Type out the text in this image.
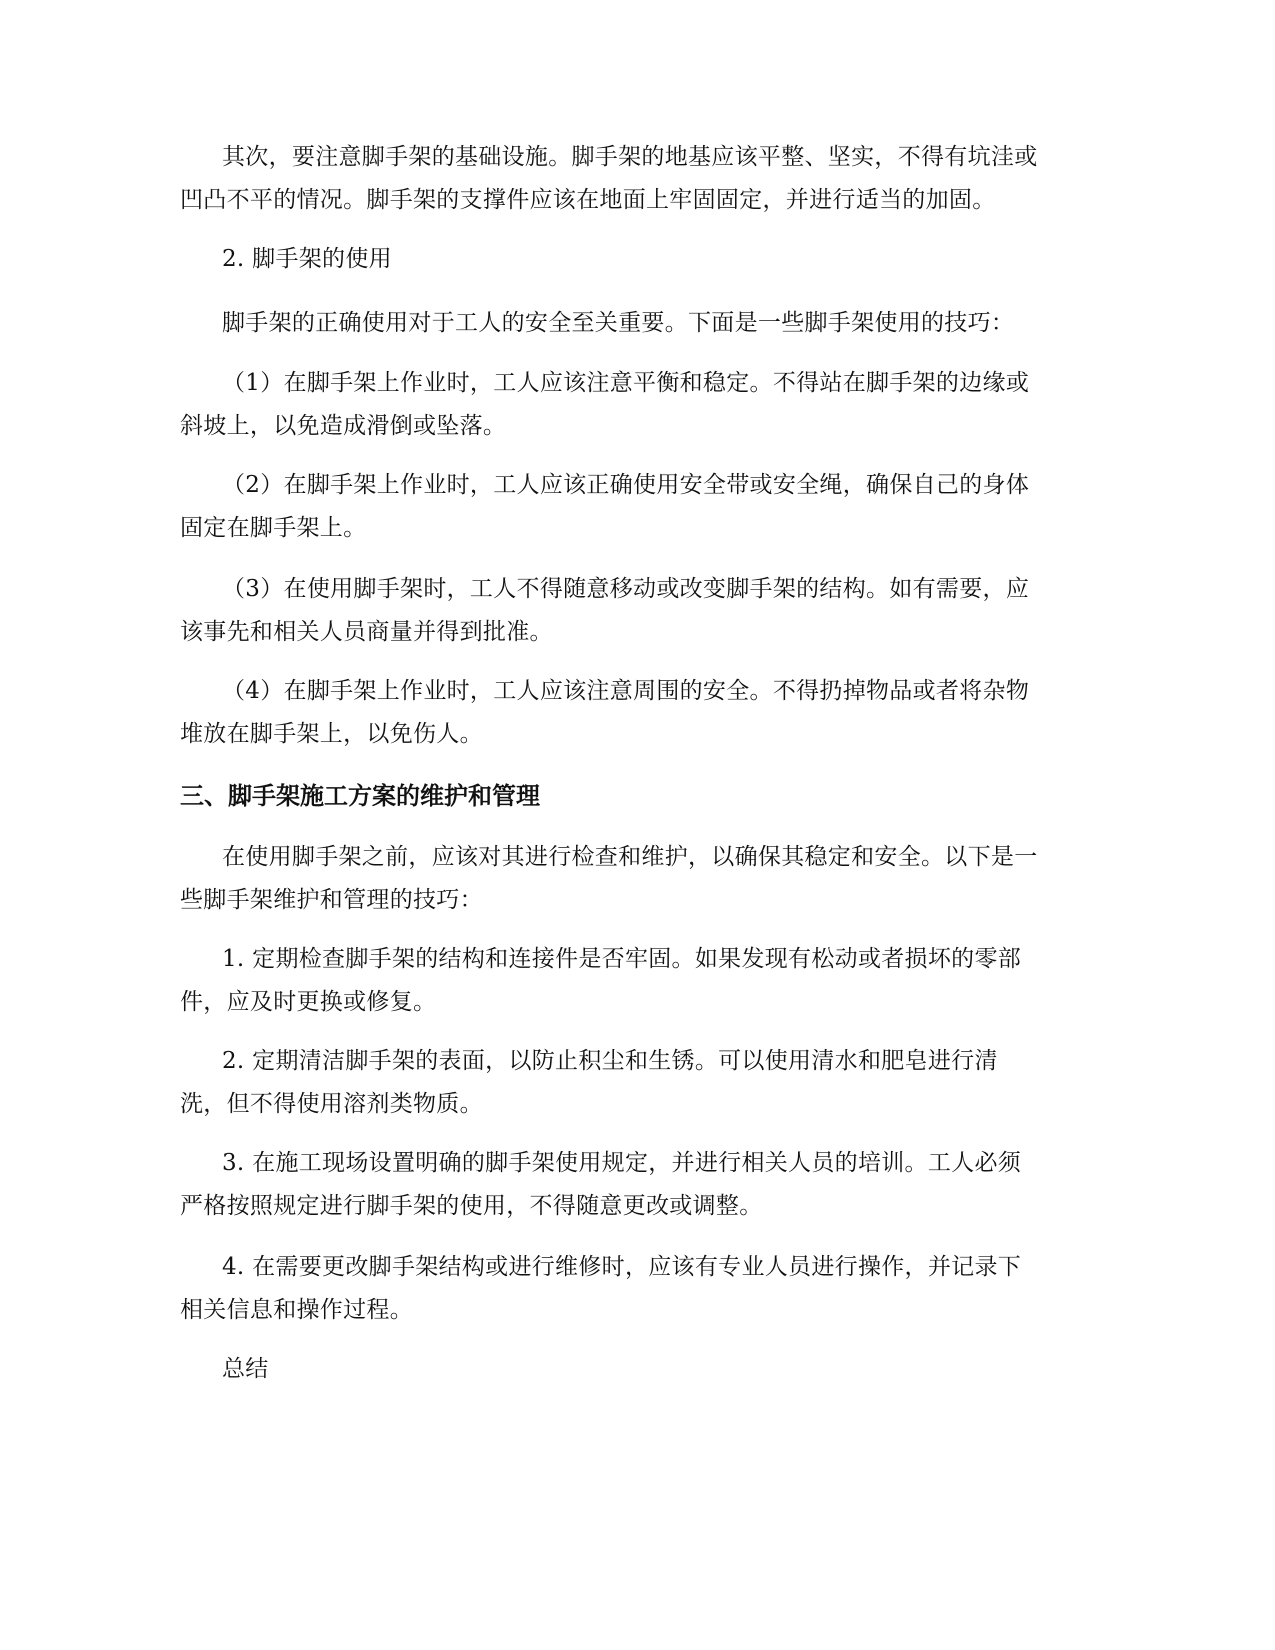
其次，要注意脚手架的基础设施。脚手架的地基应该平整、坚实，不得有坑洼或凹凸不平的情况。脚手架的支撑件应该在地面上牢固固定，并进行适当的加固。

2. 脚手架的使用

脚手架的正确使用对于工人的安全至关重要。下面是一些脚手架使用的技巧：

（1）在脚手架上作业时，工人应该注意平衡和稳定。不得站在脚手架的边缘或斜坡上，以免造成滑倒或坠落。

（2）在脚手架上作业时，工人应该正确使用安全带或安全绳，确保自己的身体固定在脚手架上。

（3）在使用脚手架时，工人不得随意移动或改变脚手架的结构。如有需要，应该事先和相关人员商量并得到批准。

（4）在脚手架上作业时，工人应该注意周围的安全。不得扔掉物品或者将杂物堆放在脚手架上，以免伤人。

三、脚手架施工方案的维护和管理

在使用脚手架之前，应该对其进行检查和维护，以确保其稳定和安全。以下是一些脚手架维护和管理的技巧：

1. 定期检查脚手架的结构和连接件是否牢固。如果发现有松动或者损坏的零部件，应及时更换或修复。

2. 定期清洁脚手架的表面，以防止积尘和生锈。可以使用清水和肥皂进行清洗，但不得使用溶剂类物质。

3. 在施工现场设置明确的脚手架使用规定，并进行相关人员的培训。工人必须严格按照规定进行脚手架的使用，不得随意更改或调整。

4. 在需要更改脚手架结构或进行维修时，应该有专业人员进行操作，并记录下相关信息和操作过程。

总结
